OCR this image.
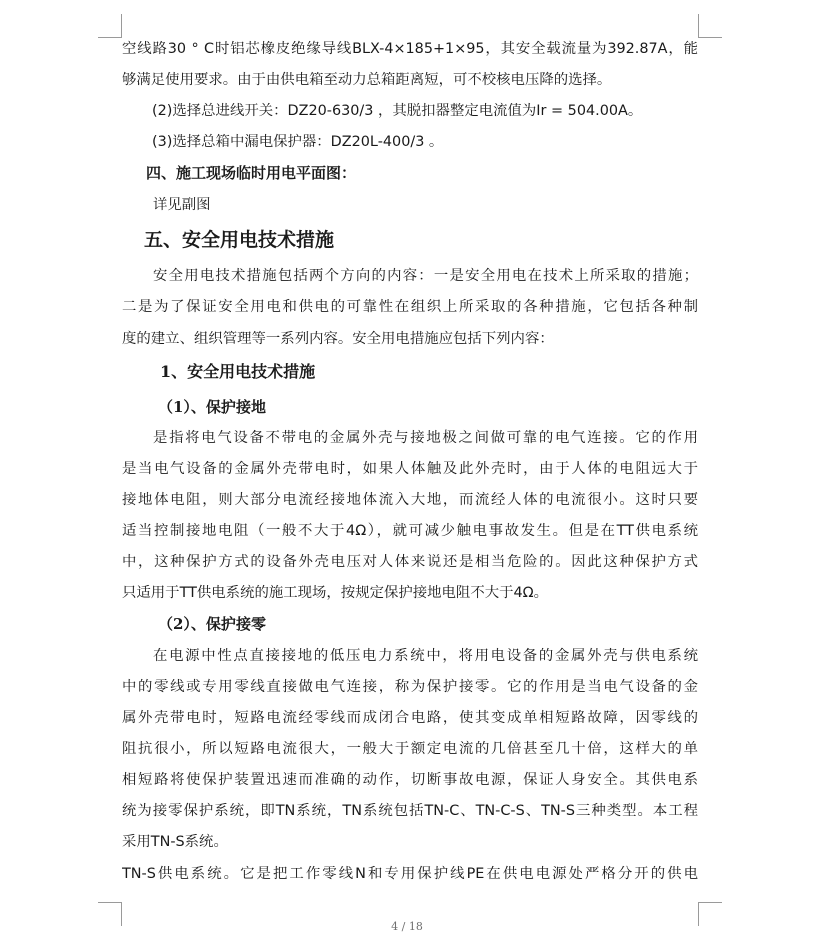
空线路30 ° C时铝芯橡皮绝缘导线BLX-4×185+1×95，其安全载流量为392.87A，能
够满足使用要求。由于由供电箱至动力总箱距离短，可不校核电压降的选择。
(2)选择总进线开关：DZ20-630/3 ，其脱扣器整定电流值为Ir = 504.00A。
(3)选择总箱中漏电保护器：DZ20L-400/3 。
四、施工现场临时用电平面图：
详见副图
五、安全用电技术措施
安全用电技术措施包括两个方向的内容：一是安全用电在技术上所采取的措施；
二是为了保证安全用电和供电的可靠性在组织上所采取的各种措施，它包括各种制
度的建立、组织管理等一系列内容。安全用电措施应包括下列内容：
1、安全用电技术措施
（1）、保护接地
是指将电气设备不带电的金属外壳与接地极之间做可靠的电气连接。它的作用
是当电气设备的金属外壳带电时，如果人体触及此外壳时，由于人体的电阻远大于
接地体电阻，则大部分电流经接地体流入大地，而流经人体的电流很小。这时只要
适当控制接地电阻（一般不大于4Ω），就可减少触电事故发生。但是在TT供电系统
中，这种保护方式的设备外壳电压对人体来说还是相当危险的。因此这种保护方式
只适用于TT供电系统的施工现场，按规定保护接地电阻不大于4Ω。
（2）、保护接零
在电源中性点直接接地的低压电力系统中，将用电设备的金属外壳与供电系统
中的零线或专用零线直接做电气连接，称为保护接零。它的作用是当电气设备的金
属外壳带电时，短路电流经零线而成闭合电路，使其变成单相短路故障，因零线的
阻抗很小，所以短路电流很大，一般大于额定电流的几倍甚至几十倍，这样大的单
相短路将使保护装置迅速而准确的动作，切断事故电源，保证人身安全。其供电系
统为接零保护系统，即TN系统，TN系统包括TN-C、TN-C-S、TN-S三种类型。本工程
采用TN-S系统。
TN-S供电系统。它是把工作零线N和专用保护线PE在供电电源处严格分开的供电
4 / 18
